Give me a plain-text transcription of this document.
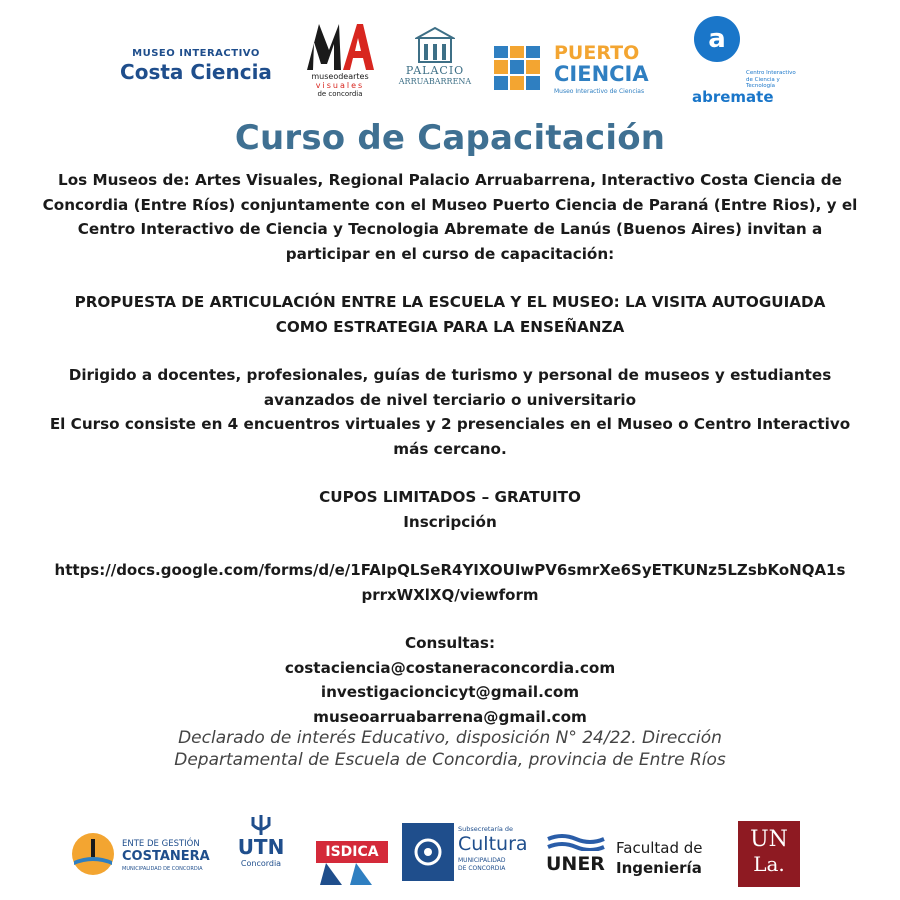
MUSEO INTERACTIVO
Costa Ciencia	museodeartes
visuales
de concordia
PALACIO
ARRUABARRENA
PUERTO
CIENCIA
Museo Interactivo de Ciencias
a
Centro Interactivo
de Ciencia y Tecnología
abremate
Curso de Capacitación
Los Museos de: Artes Visuales, Regional Palacio Arruabarrena, Interactivo Costa Ciencia de
Concordia (Entre Ríos) conjuntamente con el Museo Puerto Ciencia de Paraná (Entre Rios), y el
Centro Interactivo de Ciencia y Tecnologia Abremate de Lanús (Buenos Aires) invitan a
participar en el curso de capacitación:
PROPUESTA DE ARTICULACIÓN ENTRE LA ESCUELA Y EL MUSEO: LA VISITA AUTOGUIADA
COMO ESTRATEGIA PARA LA ENSEÑANZA
Dirigido a docentes, profesionales, guías de turismo y personal de museos y estudiantes
avanzados de nivel terciario o universitario
El Curso consiste en 4 encuentros virtuales y 2 presenciales en el Museo o Centro Interactivo
más cercano.
CUPOS LIMITADOS – GRATUITO
Inscripción
https://docs.google.com/forms/d/e/1FAIpQLSeR4YIXOUIwPV6smrXe6SyETKUNz5LZsbKoNQA1s
prrxWXlXQ/viewform
Consultas:
costaciencia@costaneraconcordia.com
investigacioncicyt@gmail.com
museoarruabarrena@gmail.com
Declarado de interés Educativo, disposición N° 24/22. Dirección
Departamental de Escuela de Concordia, provincia de Entre Ríos
ENTE DE GESTIÓN
COSTANERA
MUNICIPALIDAD DE CONCORDIA
UTN
Concordia
ISDICA
Subsecretaría de
Cultura
MUNICIPALIDAD
DE CONCORDIA UNER
Facultad de
Ingeniería
UN
La.
